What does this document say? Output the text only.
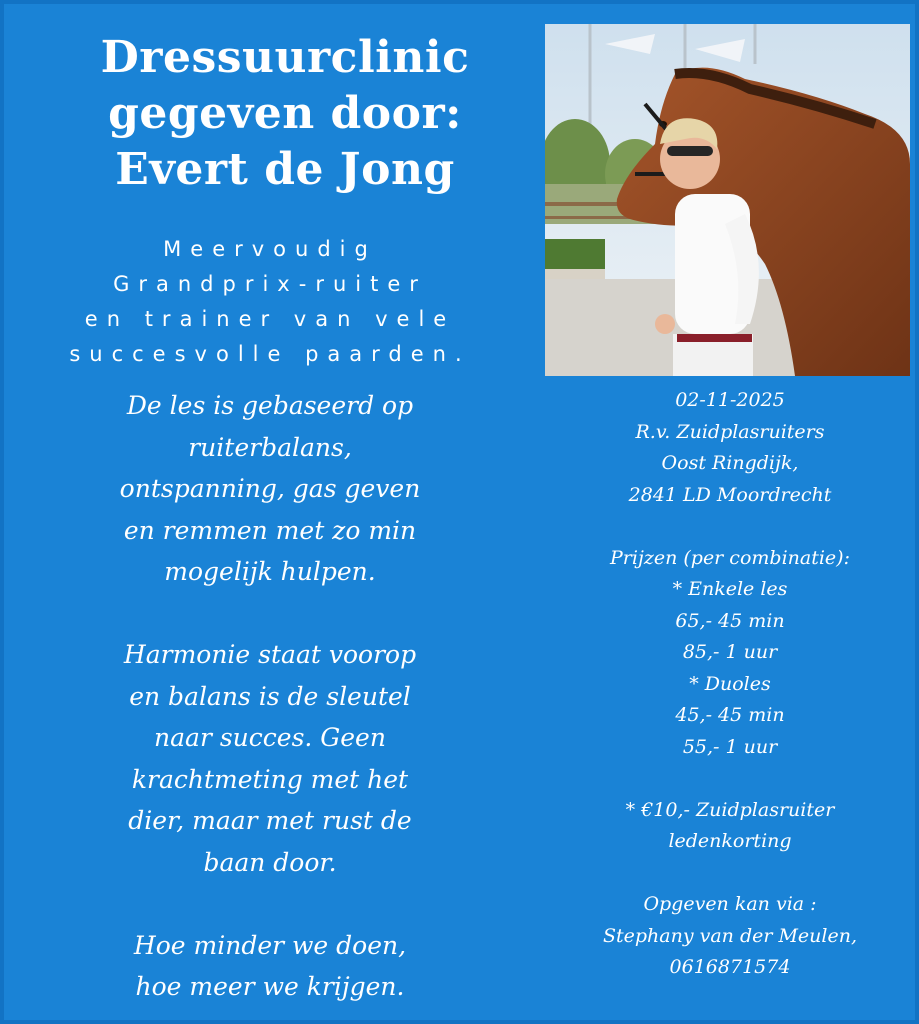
Dressuurclinic
gegeven door:
Evert de Jong
Meervoudig
Grandprix-ruiter
en trainer van vele
succesvolle paarden.
De les is gebaseerd op
ruiterbalans,
ontspanning, gas geven
en remmen met zo min
mogelijk hulpen.
Harmonie staat voorop
en balans is de sleutel
naar succes. Geen
krachtmeting met het
dier, maar met rust de
baan door.
Hoe minder we doen,
hoe meer we krijgen.
02-11-2025
R.v. Zuidplasruiters
Oost Ringdijk,
2841 LD Moordrecht
Prijzen (per combinatie):
* Enkele les
65,- 45 min
85,- 1 uur
* Duoles
45,- 45 min
55,- 1 uur
* €10,- Zuidplasruiter
ledenkorting
Opgeven kan via :
Stephany van der Meulen,
0616871574
